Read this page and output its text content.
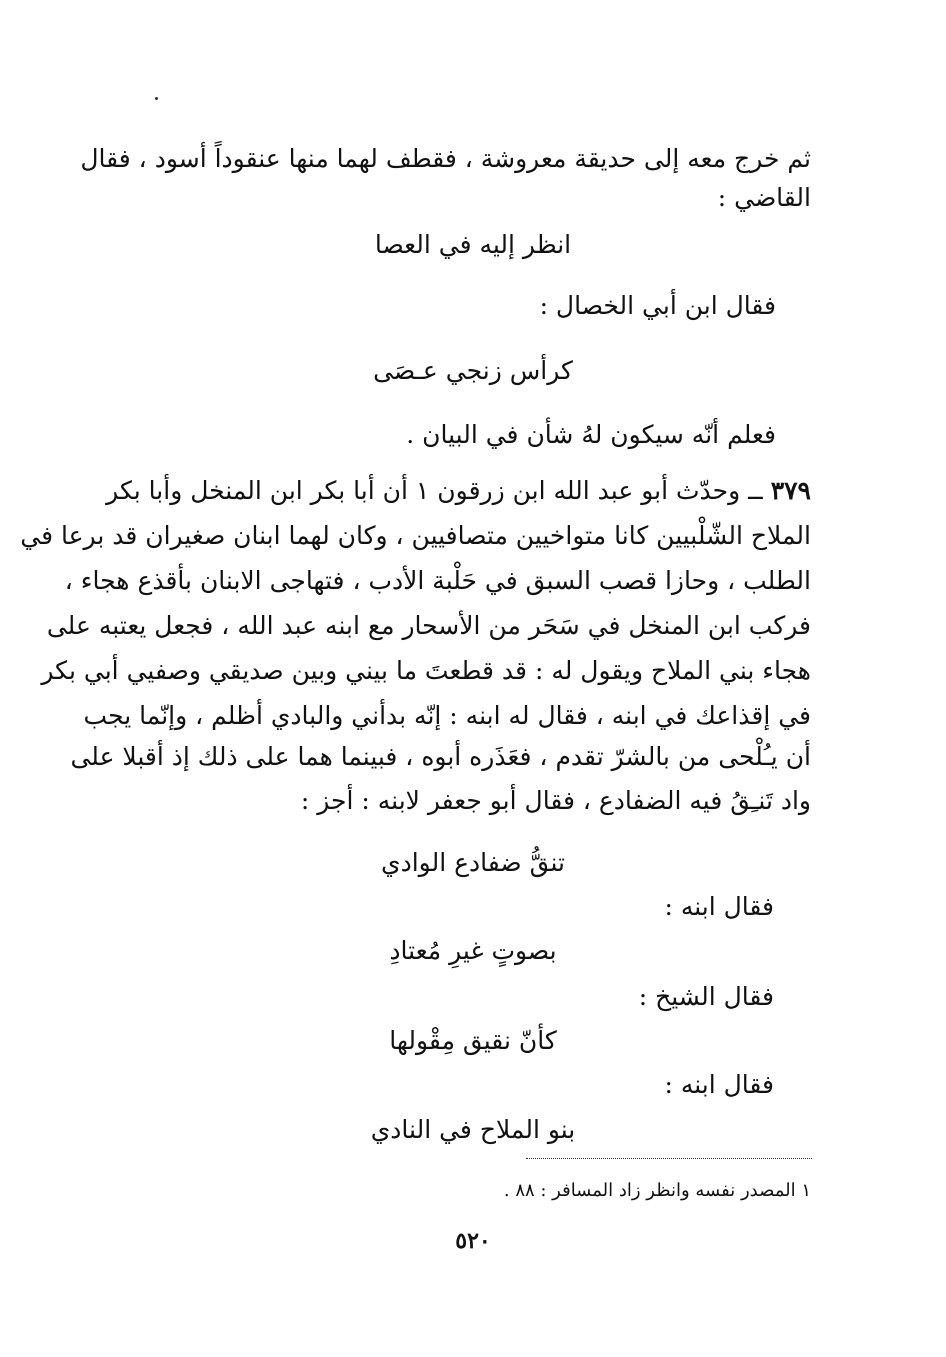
ثم خرج معه إلى حديقة معروشة ، فقطف لهما منها عنقوداً أسود ، فقال
القاضي :
انظر إليه في العصا
فقال ابن أبي الخصال :
كرأس زنجي عـصَى
فعلم أنّه سيكون لهُ شأن في البيان .
٣٧٩ ــ وحدّث أبو عبد الله ابن زرقون ١ أن أبا بكر ابن المنخل وأبا بكر
الملاح الشّلْبيين كانا متواخيين متصافيين ، وكان لهما ابنان صغيران قد برعا في
الطلب ، وحازا قصب السبق في حَلْبة الأدب ، فتهاجى الابنان بأقذع هجاء ،
فركب ابن المنخل في سَحَر من الأسحار مع ابنه عبد الله ، فجعل يعتبه على
هجاء بني الملاح ويقول له : قد قطعتَ ما بيني وبين صديقي وصفيي أبي بكر
في إقذاعك في ابنه ، فقال له ابنه : إنّه بدأني والبادي أظلم ، وإنّما يجب
أن يـُلْحى من بالشرّ تقدم ، فعَذَره أبوه ، فبينما هما على ذلك إذ أقبلا على
واد تَنـِقُ فيه الضفادع ، فقال أبو جعفر لابنه : أجز :
تنقُّ ضفادع الوادي
فقال ابنه :
بصوتٍ غيرِ مُعتادِ
فقال الشيخ :
كأنّ نقيق مِقْولها
فقال ابنه :
بنو الملاح في النادي
١ المصدر نفسه وانظر زاد المسافر : ٨٨ .
٥٢٠
